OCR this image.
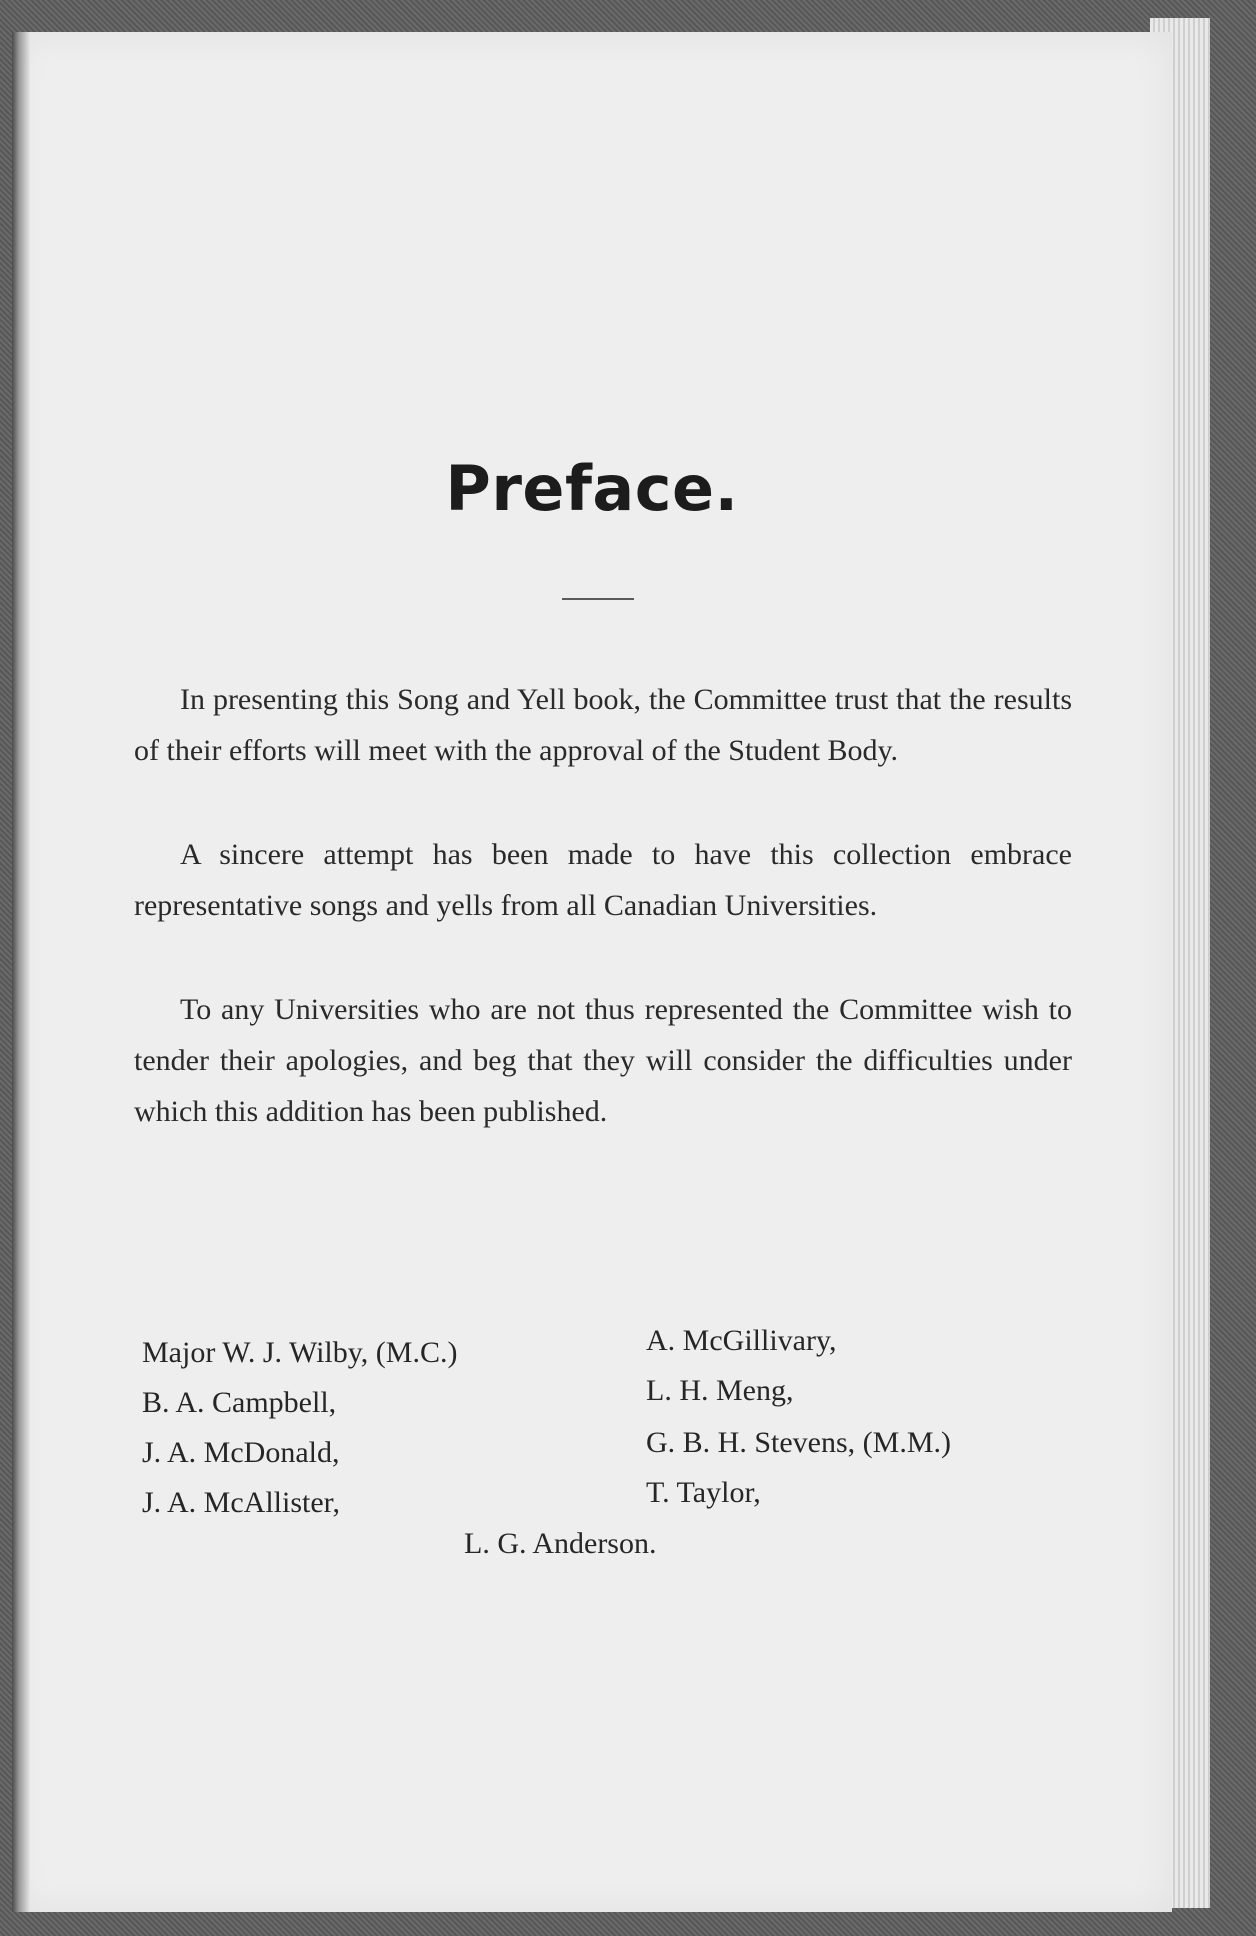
Preface.

In presenting this Song and Yell book, the Committee trust that the results of their efforts will meet with the approval of the Student Body.

A sincere attempt has been made to have this collection embrace representative songs and yells from all Canadian Universities.

To any Universities who are not thus represented the Committee wish to tender their apologies, and beg that they will consider the difficulties under which this addition has been published.

Major W. J. Wilby, (M.C.)
B. A. Campbell,
J. A. McDonald,
J. A. McAllister,
A. McGillivary,
L. H. Meng,
G. B. H. Stevens, (M.M.)
T. Taylor,
L. G. Anderson.
